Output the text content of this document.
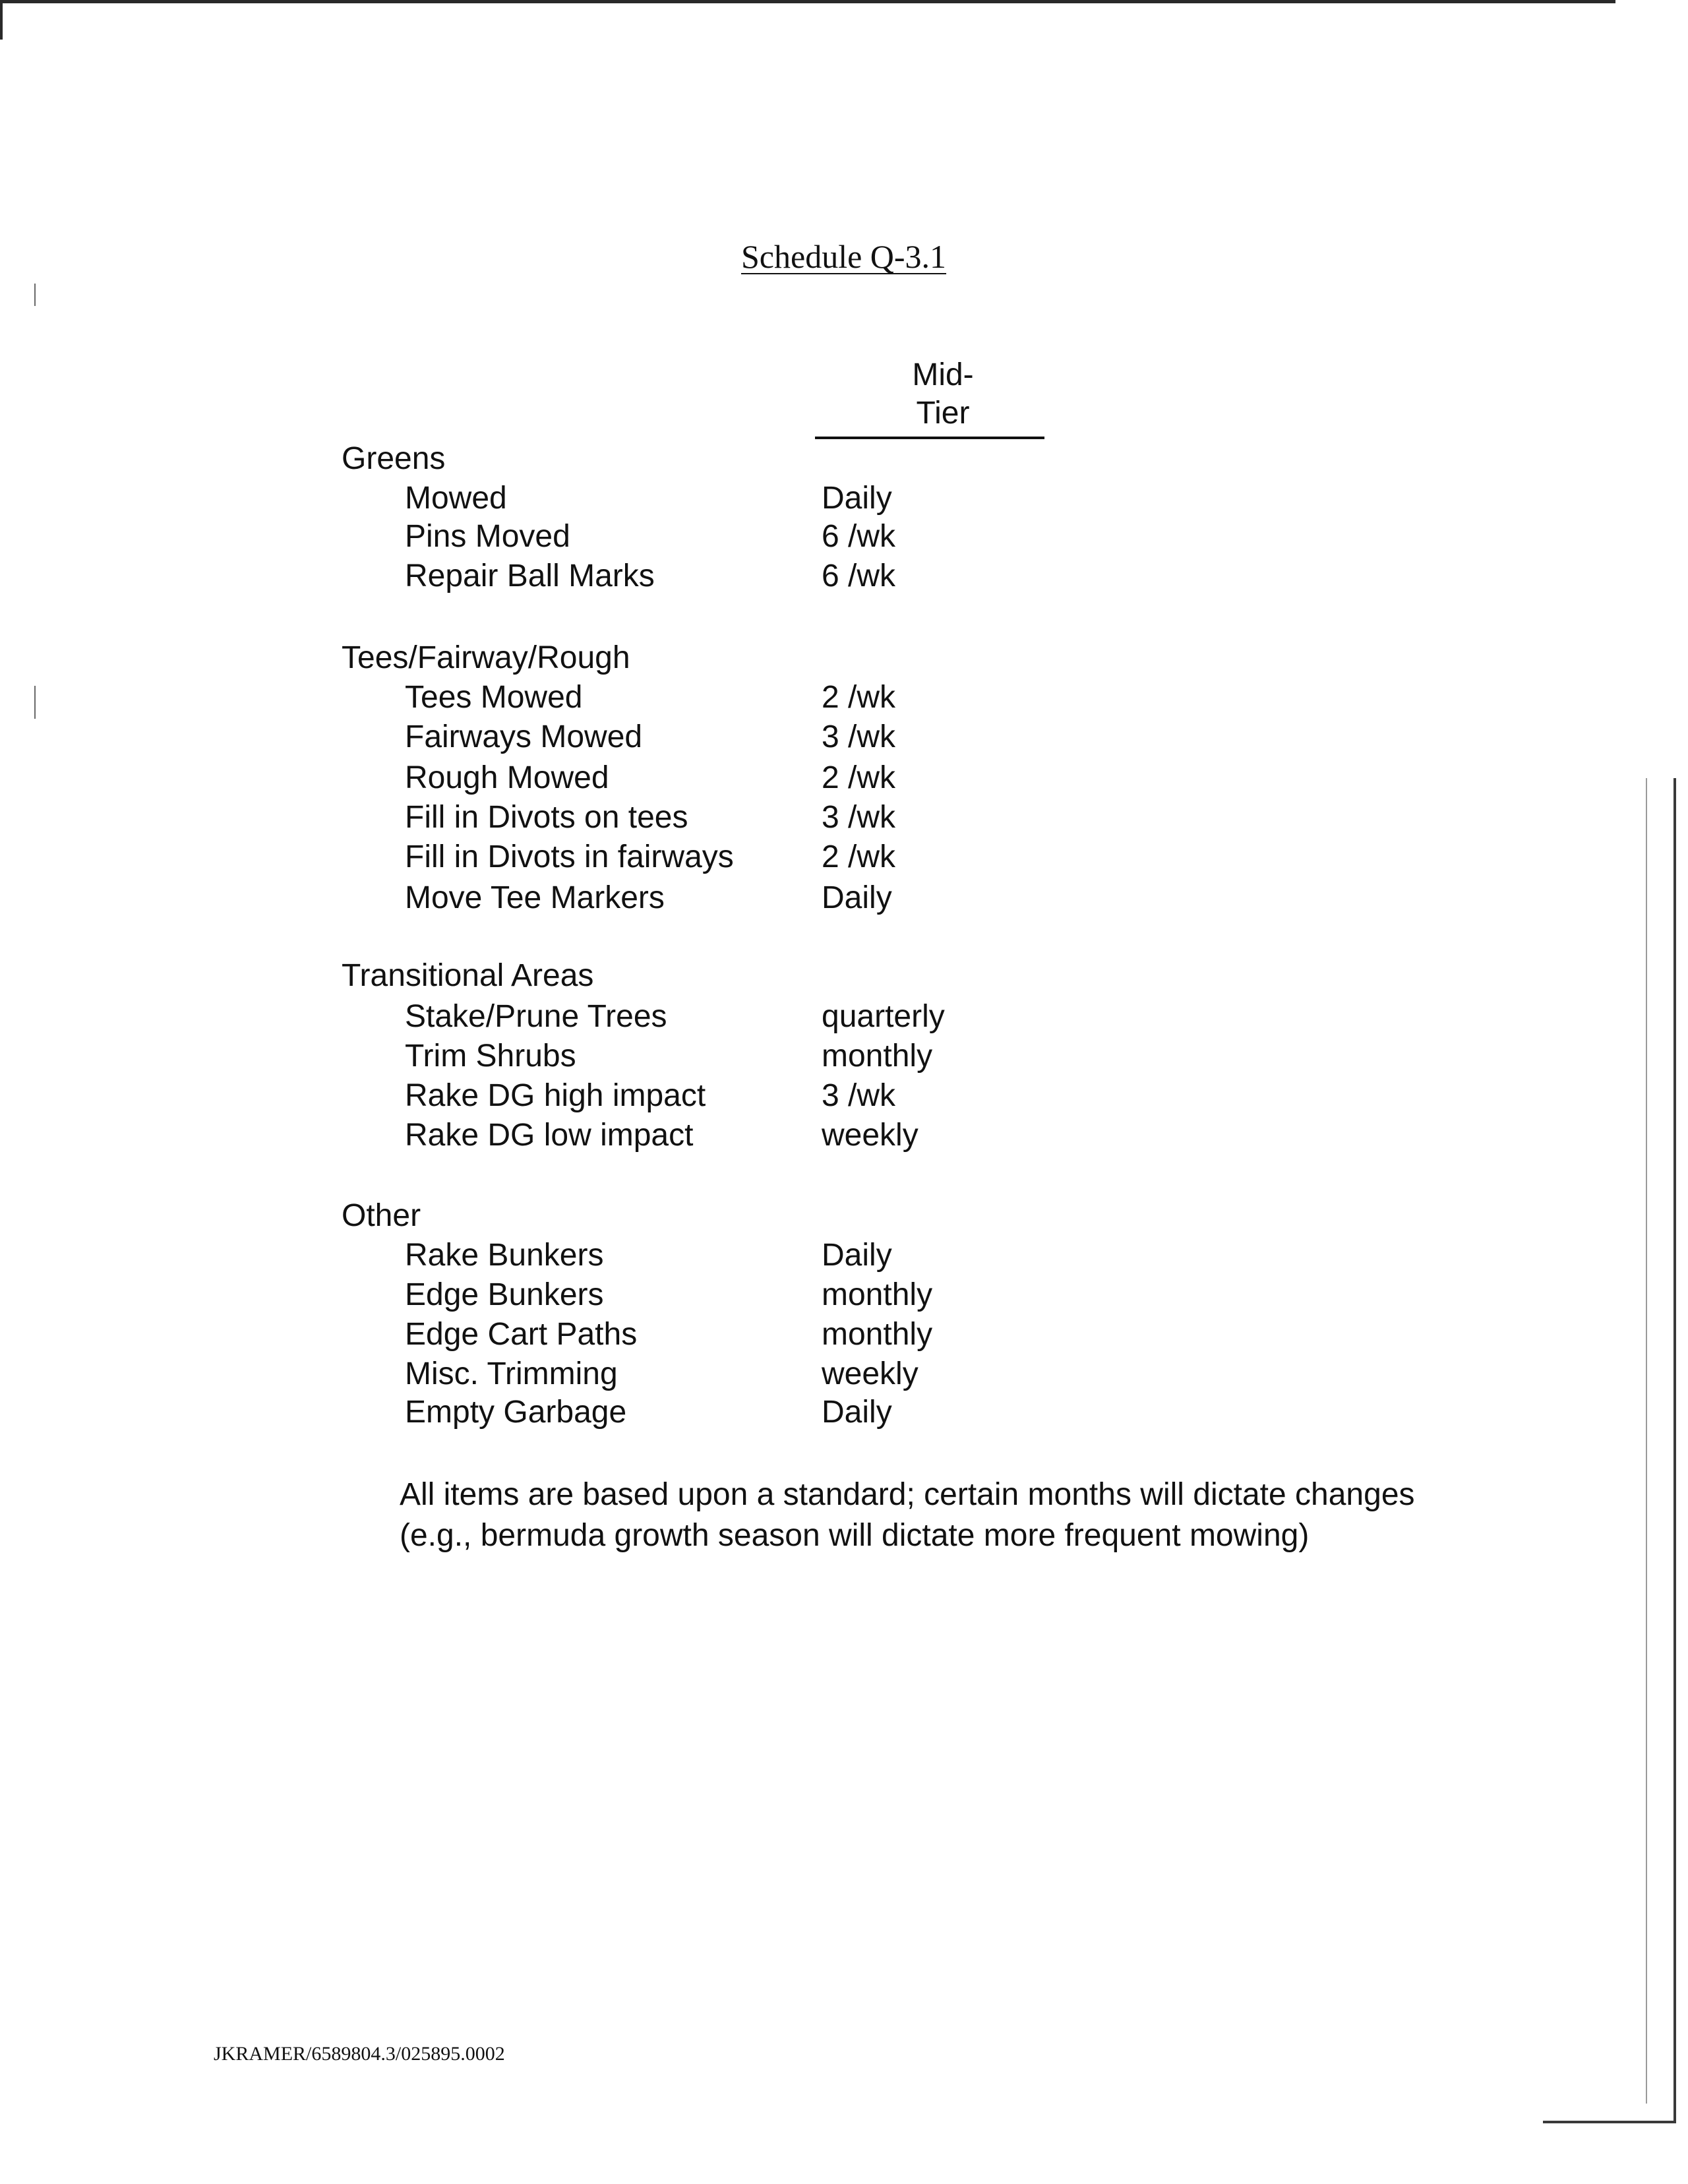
Schedule Q-3.1
Mid-
Tier
Greens
Mowed	Daily
Pins Moved	6 /wk
Repair Ball Marks	6 /wk
Tees/Fairway/Rough
Tees Mowed	2 /wk
Fairways Mowed	3 /wk
Rough Mowed	2 /wk
Fill in Divots on tees	3 /wk
Fill in Divots in fairways	2 /wk
Move Tee Markers	Daily
Transitional Areas
Stake/Prune Trees	quarterly
Trim Shrubs	monthly
Rake DG high impact	3 /wk
Rake DG low impact	weekly
Other
Rake Bunkers	Daily
Edge Bunkers	monthly
Edge Cart Paths	monthly
Misc. Trimming	weekly
Empty Garbage	Daily
All items are based upon a standard; certain months will dictate changes
(e.g., bermuda growth season will dictate more frequent mowing)
JKRAMER/6589804.3/025895.0002
